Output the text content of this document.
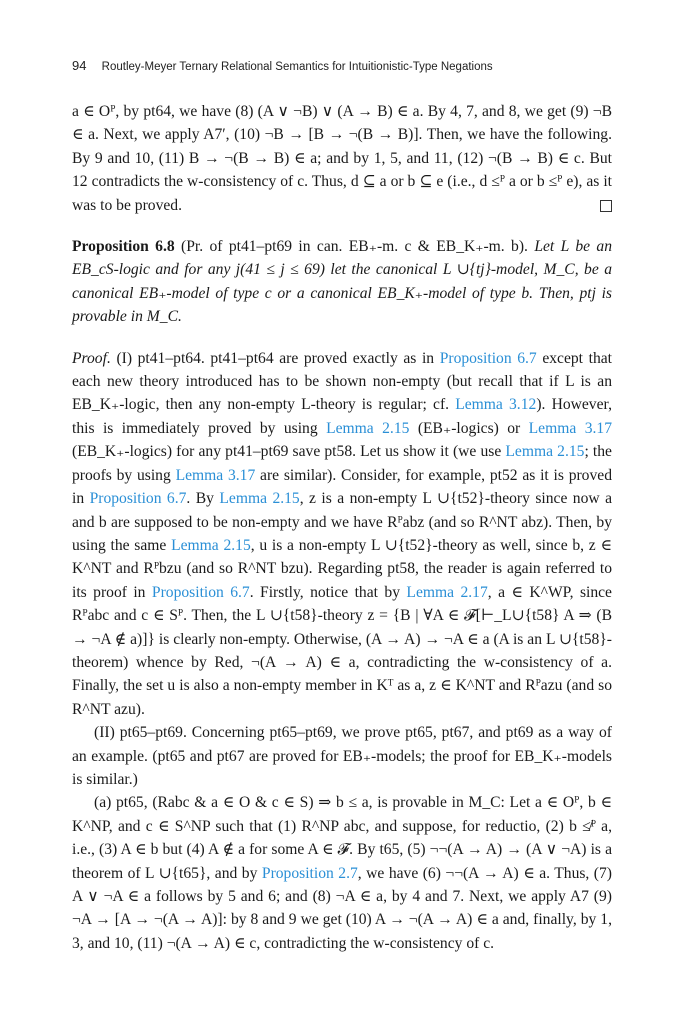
94 Routley-Meyer Ternary Relational Semantics for Intuitionistic-Type Negations

a ∈ Oᴾ, by pt64, we have (8) (A ∨ ¬B) ∨ (A → B) ∈ a. By 4, 7, and 8, we get (9) ¬B ∈ a. Next, we apply A7′, (10) ¬B → [B → ¬(B → B)]. Then, we have the following. By 9 and 10, (11) B → ¬(B → B) ∈ a; and by 1, 5, and 11, (12) ¬(B → B) ∈ c. But 12 contradicts the w-consistency of c. Thus, d ⊆ a or b ⊆ e (i.e., d ≤ᴾ a or b ≤ᴾ e), as it was to be proved.

Proposition 6.8 (Pr. of pt41–pt69 in can. EB₊-m. c & EB_K₊-m. b). Let L be an EB_cS-logic and for any j(41 ≤ j ≤ 69) let the canonical L ∪{tj}-model, M_C, be a canonical EB₊-model of type c or a canonical EB_K₊-model of type b. Then, ptj is provable in M_C.

Proof. (I) pt41–pt64. pt41–pt64 are proved exactly as in Proposition 6.7 except that each new theory introduced has to be shown non-empty (but recall that if L is an EB_K₊-logic, then any non-empty L-theory is regular; cf. Lemma 3.12). However, this is immediately proved by using Lemma 2.15 (EB₊-logics) or Lemma 3.17 (EB_K₊-logics) for any pt41–pt69 save pt58. Let us show it (we use Lemma 2.15; the proofs by using Lemma 3.17 are similar). Consider, for example, pt52 as it is proved in Proposition 6.7. By Lemma 2.15, z is a non-empty L ∪{t52}-theory since now a and b are supposed to be non-empty and we have Rᴾabz (and so R^NT abz). Then, by using the same Lemma 2.15, u is a non-empty L ∪{t52}-theory as well, since b, z ∈ K^NT and Rᴾbzu (and so R^NT bzu). Regarding pt58, the reader is again referred to its proof in Proposition 6.7. Firstly, notice that by Lemma 2.17, a ∈ K^WP, since Rᴾabc and c ∈ Sᴾ. Then, the L ∪{t58}-theory z = {B | ∀A ∈ 𝓕[⊢_L∪{t58} A ⇒ (B → ¬A ∉ a)]} is clearly non-empty. Otherwise, (A → A) → ¬A ∈ a (A is an L ∪{t58}-theorem) whence by Red, ¬(A → A) ∈ a, contradicting the w-consistency of a. Finally, the set u is also a non-empty member in Kᵀ as a, z ∈ K^NT and Rᴾazu (and so R^NT azu).

(II) pt65–pt69. Concerning pt65–pt69, we prove pt65, pt67, and pt69 as a way of an example. (pt65 and pt67 are proved for EB₊-models; the proof for EB_K₊-models is similar.)

(a) pt65, (Rabc & a ∈ O & c ∈ S) ⇒ b ≤ a, is provable in M_C: Let a ∈ Oᴾ, b ∈ K^NP, and c ∈ S^NP such that (1) R^NP abc, and suppose, for reductio, (2) b ≰ᴾ a, i.e., (3) A ∈ b but (4) A ∉ a for some A ∈ 𝓕. By t65, (5) ¬¬(A → A) → (A ∨ ¬A) is a theorem of L ∪{t65}, and by Proposition 2.7, we have (6) ¬¬(A → A) ∈ a. Thus, (7) A ∨ ¬A ∈ a follows by 5 and 6; and (8) ¬A ∈ a, by 4 and 7. Next, we apply A7 (9) ¬A → [A → ¬(A → A)]: by 8 and 9 we get (10) A → ¬(A → A) ∈ a and, finally, by 1, 3, and 10, (11) ¬(A → A) ∈ c, contradicting the w-consistency of c.
